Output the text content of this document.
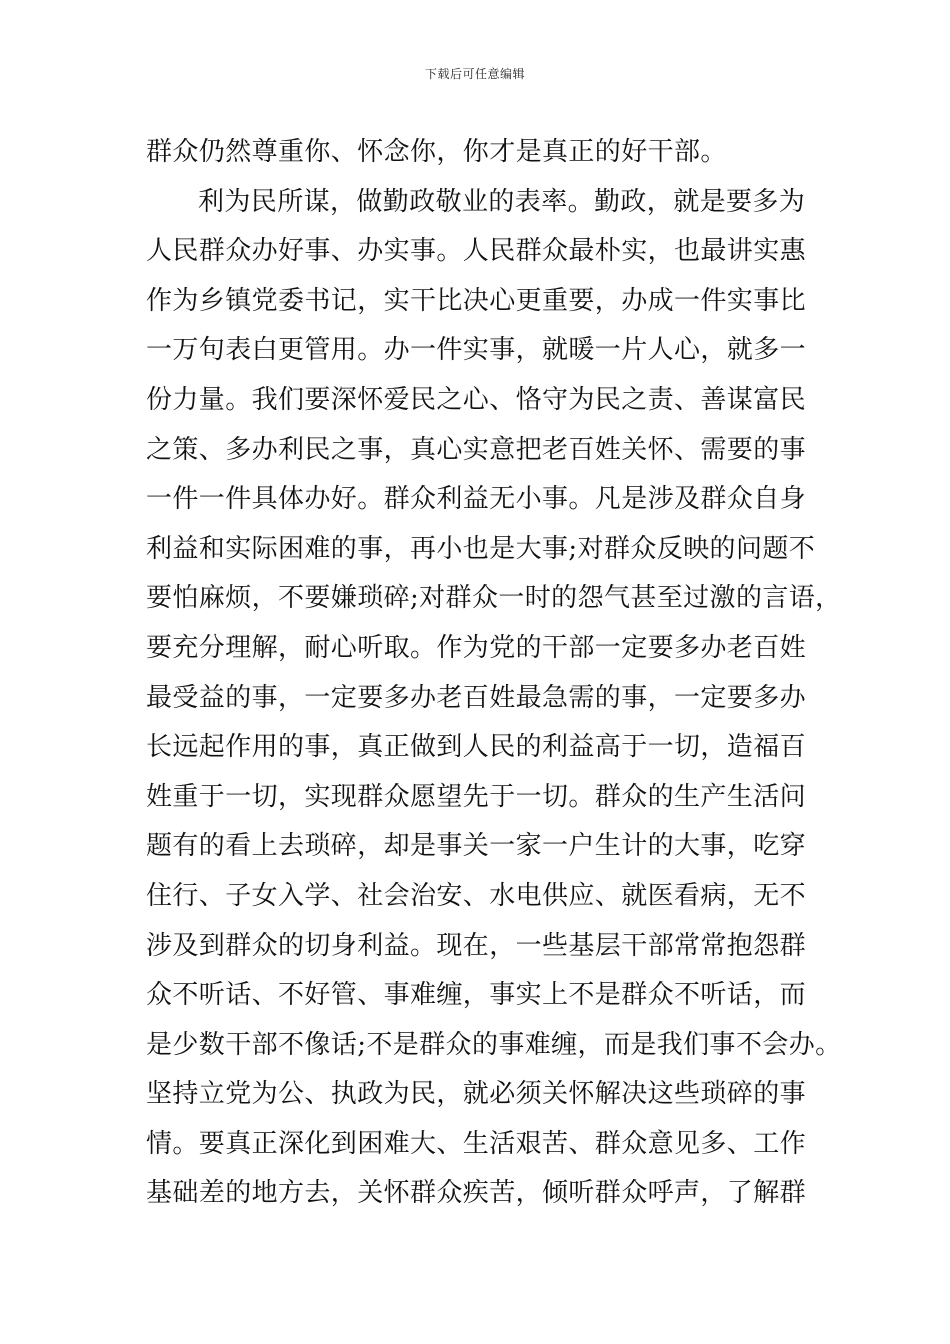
下载后可任意编辑
群众仍然尊重你、怀念你，你才是真正的好干部。
利为民所谋，做勤政敬业的表率。勤政，就是要多为
人民群众办好事、办实事。人民群众最朴实，也最讲实惠
作为乡镇党委书记，实干比决心更重要，办成一件实事比
一万句表白更管用。办一件实事，就暖一片人心，就多一
份力量。我们要深怀爱民之心、恪守为民之责、善谋富民
之策、多办利民之事，真心实意把老百姓关怀、需要的事
一件一件具体办好。群众利益无小事。凡是涉及群众自身
利益和实际困难的事，再小也是大事;对群众反映的问题不
要怕麻烦，不要嫌琐碎;对群众一时的怨气甚至过激的言语，
要充分理解，耐心听取。作为党的干部一定要多办老百姓
最受益的事，一定要多办老百姓最急需的事，一定要多办
长远起作用的事，真正做到人民的利益高于一切，造福百
姓重于一切，实现群众愿望先于一切。群众的生产生活问
题有的看上去琐碎，却是事关一家一户生计的大事，吃穿
住行、子女入学、社会治安、水电供应、就医看病，无不
涉及到群众的切身利益。现在，一些基层干部常常抱怨群
众不听话、不好管、事难缠，事实上不是群众不听话，而
是少数干部不像话;不是群众的事难缠，而是我们事不会办。
坚持立党为公、执政为民，就必须关怀解决这些琐碎的事
情。要真正深化到困难大、生活艰苦、群众意见多、工作
基础差的地方去，关怀群众疾苦，倾听群众呼声，了解群
